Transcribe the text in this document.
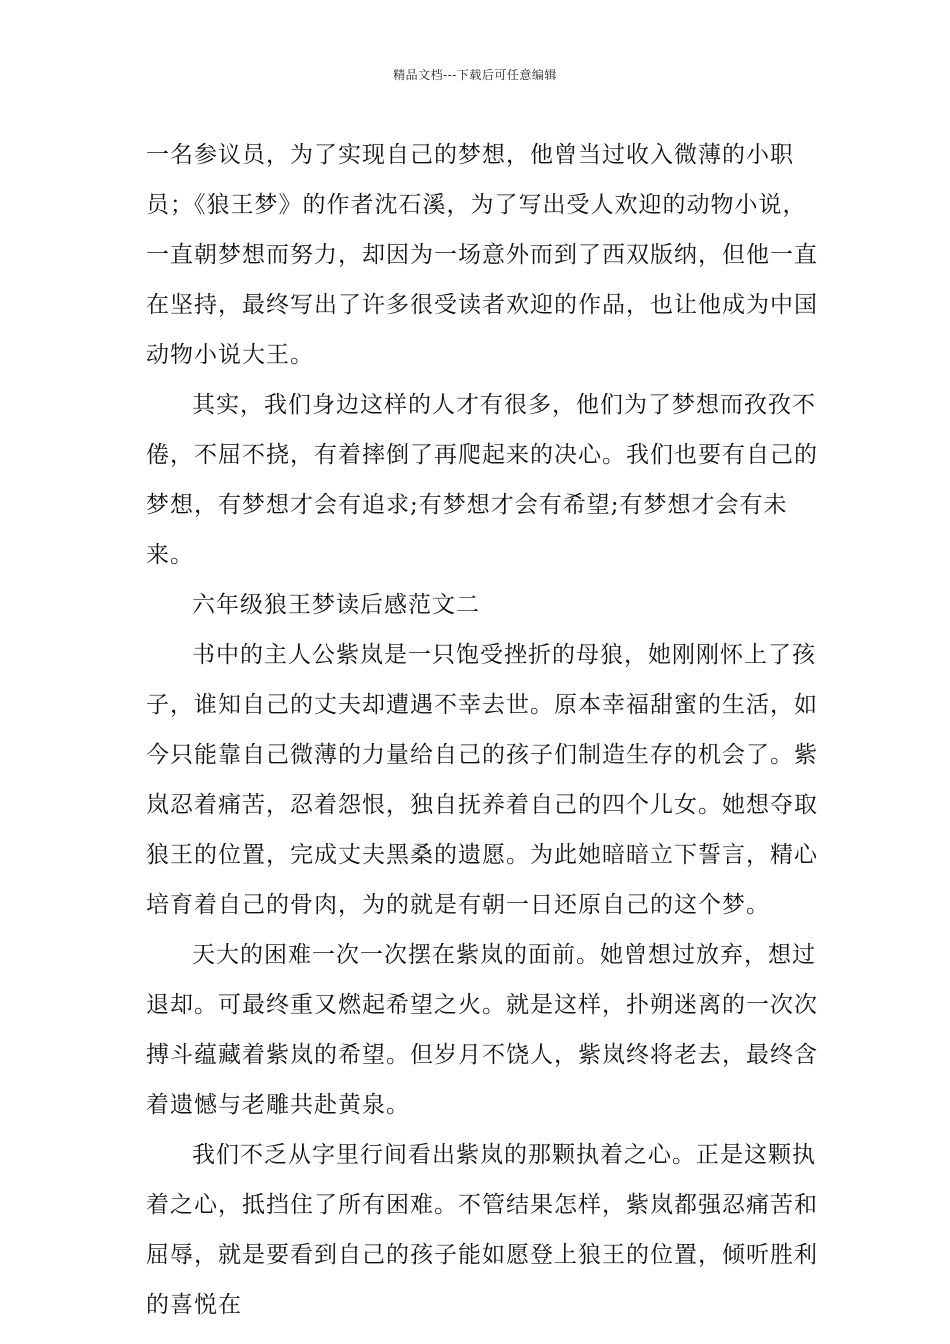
精品文档---下载后可任意编辑

一名参议员，为了实现自己的梦想，他曾当过收入微薄的小职员；《狼王梦》的作者沈石溪，为了写出受人欢迎的动物小说，一直朝梦想而努力，却因为一场意外而到了西双版纳，但他一直在坚持，最终写出了许多很受读者欢迎的作品，也让他成为中国动物小说大王。

其实，我们身边这样的人才有很多，他们为了梦想而孜孜不倦，不屈不挠，有着摔倒了再爬起来的决心。我们也要有自己的梦想，有梦想才会有追求;有梦想才会有希望;有梦想才会有未来。

六年级狼王梦读后感范文二

书中的主人公紫岚是一只饱受挫折的母狼，她刚刚怀上了孩子，谁知自己的丈夫却遭遇不幸去世。原本幸福甜蜜的生活，如今只能靠自己微薄的力量给自己的孩子们制造生存的机会了。紫岚忍着痛苦，忍着怨恨，独自抚养着自己的四个儿女。她想夺取狼王的位置，完成丈夫黑桑的遗愿。为此她暗暗立下誓言，精心培育着自己的骨肉，为的就是有朝一日还原自己的这个梦。

天大的困难一次一次摆在紫岚的面前。她曾想过放弃，想过退却。可最终重又燃起希望之火。就是这样，扑朔迷离的一次次搏斗蕴藏着紫岚的希望。但岁月不饶人，紫岚终将老去，最终含着遗憾与老雕共赴黄泉。

我们不乏从字里行间看出紫岚的那颗执着之心。正是这颗执着之心，抵挡住了所有困难。不管结果怎样，紫岚都强忍痛苦和屈辱，就是要看到自己的孩子能如愿登上狼王的位置，倾听胜利的喜悦在
